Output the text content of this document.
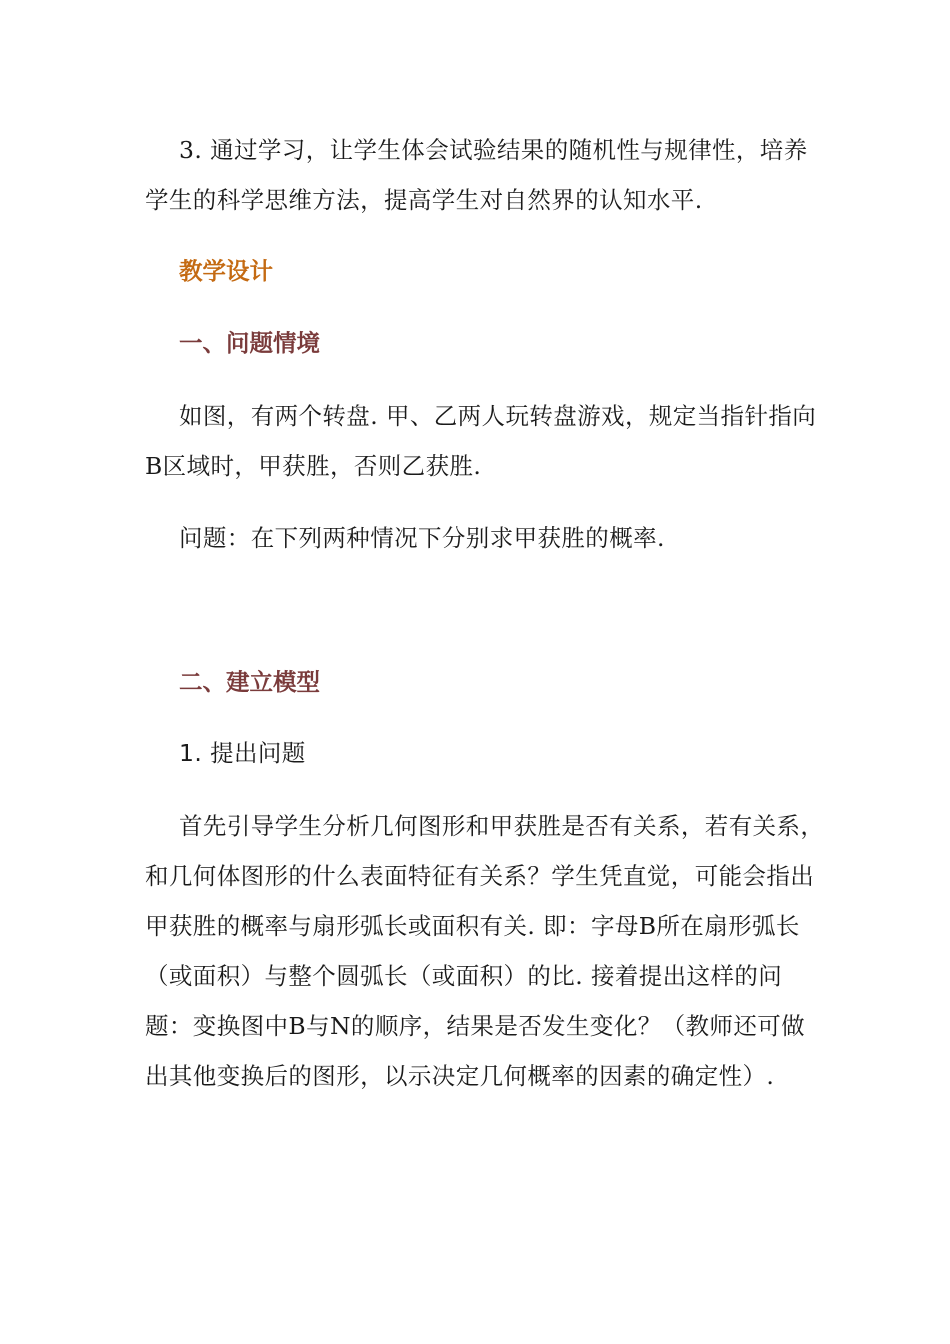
3. 通过学习，让学生体会试验结果的随机性与规律性，培养学生的科学思维方法，提高学生对自然界的认知水平.

教学设计
一、问题情境

如图，有两个转盘. 甲、乙两人玩转盘游戏，规定当指针指向B区域时，甲获胜，否则乙获胜.

问题：在下列两种情况下分别求甲获胜的概率.

二、建立模型

1. 提出问题

首先引导学生分析几何图形和甲获胜是否有关系，若有关系，和几何体图形的什么表面特征有关系？学生凭直觉，可能会指出甲获胜的概率与扇形弧长或面积有关. 即：字母B所在扇形弧长（或面积）与整个圆弧长（或面积）的比. 接着提出这样的问题：变换图中B与N的顺序，结果是否发生变化？（教师还可做出其他变换后的图形，以示决定几何概率的因素的确定性）.
